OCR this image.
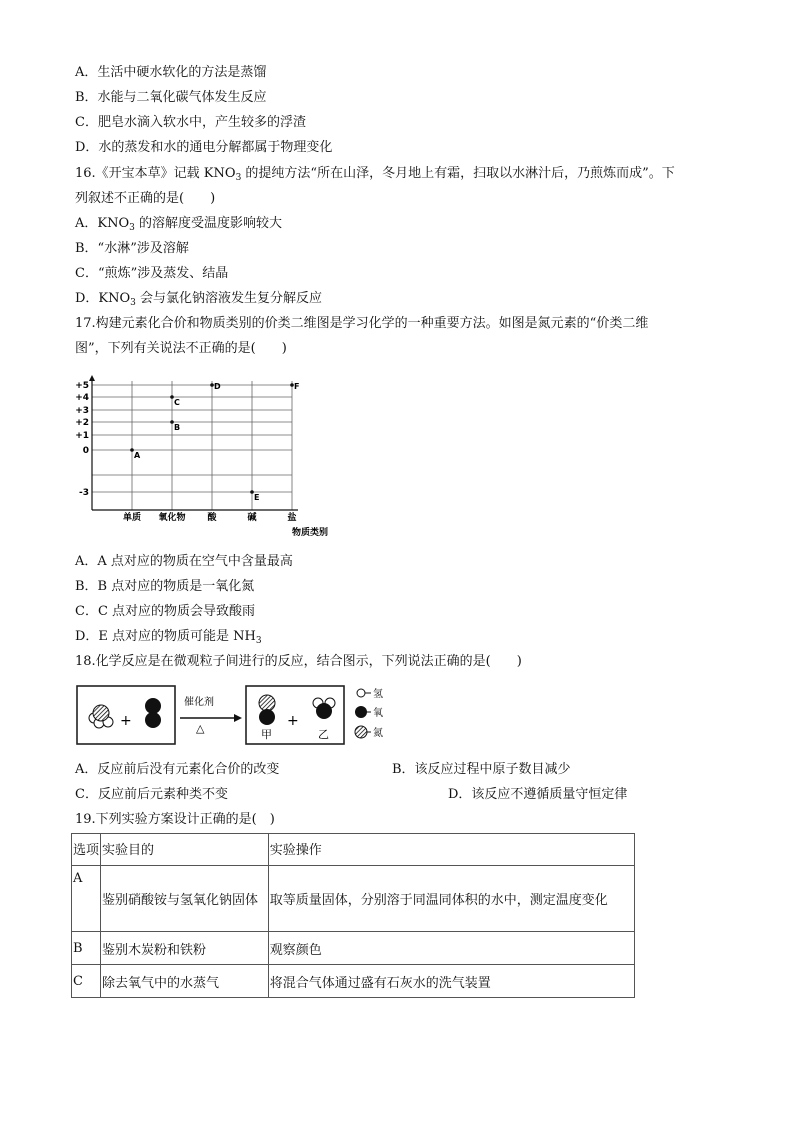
A．生活中硬水软化的方法是蒸馏
B．水能与二氧化碳气体发生反应
C．肥皂水滴入软水中，产生较多的浮渣
D．水的蒸发和水的通电分解都属于物理变化
16.《开宝本草》记载 $KNO_3$ 的提纯方法“所在山泽，冬月地上有霜，扫取以水淋汁后，乃煎炼而成”。下
列叙述不正确的是(　　)
A．$KNO_3$ 的溶解度受温度影响较大
B．“水淋”涉及溶解
C．“煎炼”涉及蒸发、结晶
D．$KNO_3$ 会与氯化钠溶液发生复分解反应
17.构建元素化合价和物质类别的价类二维图是学习化学的一种重要方法。如图是氮元素的“价类二维
图”，下列有关说法不正确的是(　　)
+5
+4
+3
+2
+1
0
-3
单质 氧化物 酸	碱	盐
A
B
C
D
E
F
物质类别
A．A 点对应的物质在空气中含量最高
B．B 点对应的物质是一氧化氮
C．C 点对应的物质会导致酸雨
D．E 点对应的物质可能是 $NH_3$
18.化学反应是在微观粒子间进行的反应，结合图示，下列说法正确的是(　　)
+
催化剂
△	甲
+
乙
氢
氧
氮
A．反应前后没有元素化合价的改变	B．该反应过程中原子数目减少
C．反应前后元素种类不变	D．该反应不遵循质量守恒定律
19.下列实验方案设计正确的是(　)
选项	实验目的	实验操作
A	鉴别硝酸铵与氢氧化钠固体	取等质量固体，分别溶于同温同体积的水中，测定温度变化
B	鉴别木炭粉和铁粉	观察颜色
C	除去氧气中的水蒸气	将混合气体通过盛有石灰水的洗气装置
